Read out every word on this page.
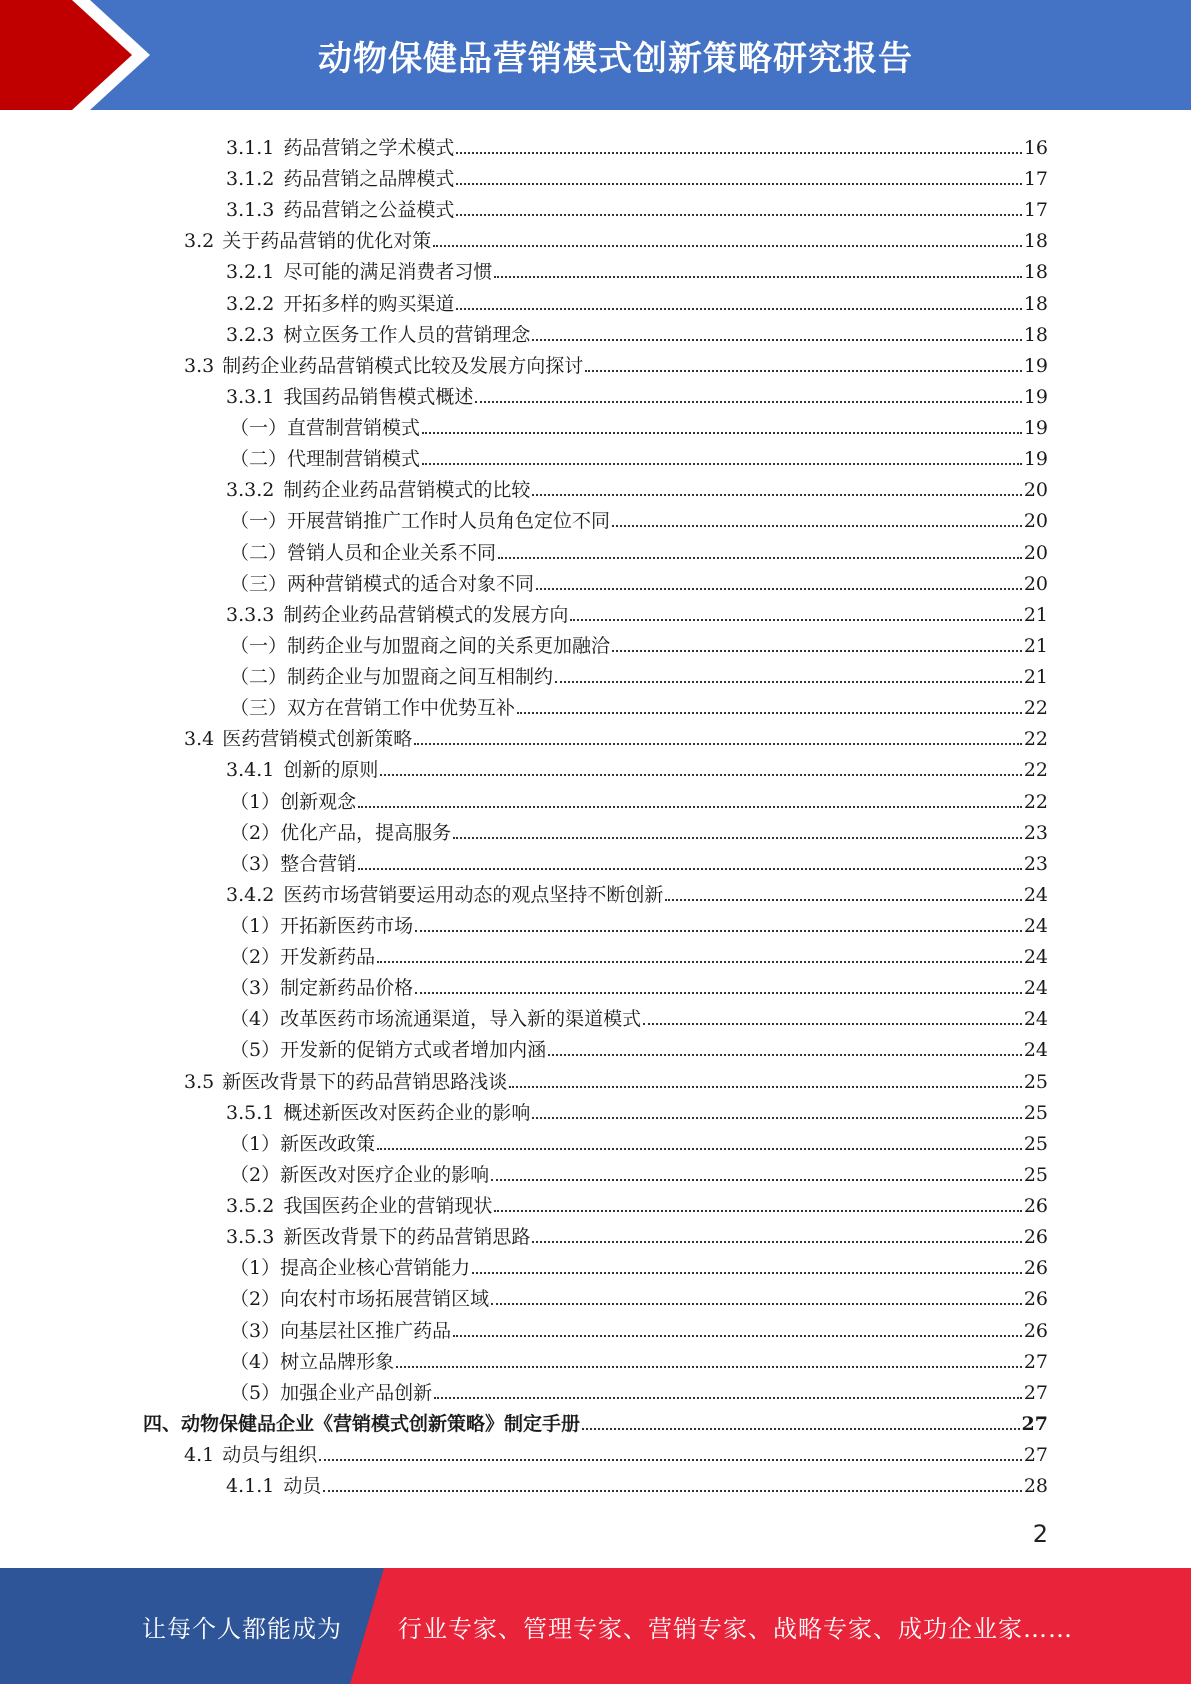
动物保健品营销模式创新策略研究报告
3.1.1 药品营销之学术模式	16
3.1.2 药品营销之品牌模式	17
3.1.3 药品营销之公益模式	17
3.2 关于药品营销的优化对策	18
3.2.1 尽可能的满足消费者习惯	18
3.2.2 开拓多样的购买渠道	18
3.2.3 树立医务工作人员的营销理念	18
3.3 制药企业药品营销模式比较及发展方向探讨	19
3.3.1 我国药品销售模式概述	19
（一）直营制营销模式	19
（二）代理制营销模式	19
3.3.2 制药企业药品营销模式的比较	20
（一）开展营销推广工作时人员角色定位不同	20
（二）營销人员和企业关系不同	20
（三）两种营销模式的适合对象不同	20
3.3.3 制药企业药品营销模式的发展方向	21
（一）制药企业与加盟商之间的关系更加融洽	21
（二）制药企业与加盟商之间互相制约	21
（三）双方在营销工作中优势互补	22
3.4 医药营销模式创新策略	22
3.4.1 创新的原则	22
（1）创新观念	22
（2）优化产品，提高服务	23
（3）整合营销	23
3.4.2 医药市场营销要运用动态的观点坚持不断创新	24
（1）开拓新医药市场	24
（2）开发新药品	24
（3）制定新药品价格	24
（4）改革医药市场流通渠道，导入新的渠道模式	24
（5）开发新的促销方式或者增加内涵	24
3.5 新医改背景下的药品营销思路浅谈	25
3.5.1 概述新医改对医药企业的影响	25
（1）新医改政策	25
（2）新医改对医疗企业的影响	25
3.5.2 我国医药企业的营销现状	26
3.5.3 新医改背景下的药品营销思路	26
（1）提高企业核心营销能力	26
（2）向农村市场拓展营销区域	26
（3）向基层社区推广药品	26
（4）树立品牌形象	27
（5）加强企业产品创新	27
四、动物保健品企业《营销模式创新策略》制定手册	27
4.1 动员与组织	27
4.1.1 动员	28
2
让每个人都能成为 行业专家、管理专家、营销专家、战略专家、成功企业家……
